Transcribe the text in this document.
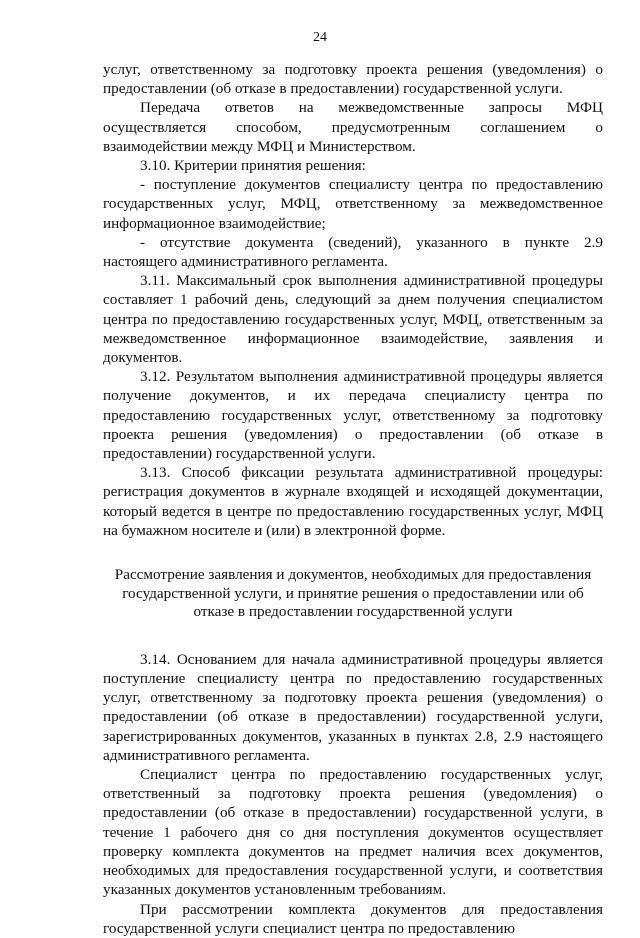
24

услуг, ответственному за подготовку проекта решения (уведомления) о предоставлении (об отказе в предоставлении) государственной услуги.

Передача ответов на межведомственные запросы МФЦ осуществляется способом, предусмотренным соглашением о взаимодействии между МФЦ и Министерством.

3.10. Критерии принятия решения:

- поступление документов специалисту центра по предоставлению государственных услуг, МФЦ, ответственному за межведомственное информационное взаимодействие;

- отсутствие документа (сведений), указанного в пункте 2.9 настоящего административного регламента.

3.11. Максимальный срок выполнения административной процедуры составляет 1 рабочий день, следующий за днем получения специалистом центра по предоставлению государственных услуг, МФЦ, ответственным за межведомственное информационное взаимодействие, заявления и документов.

3.12. Результатом выполнения административной процедуры является получение документов, и их передача специалисту центра по предоставлению государственных услуг, ответственному за подготовку проекта решения (уведомления) о предоставлении (об отказе в предоставлении) государственной услуги.

3.13. Способ фиксации результата административной процедуры: регистрация документов в журнале входящей и исходящей документации, который ведется в центре по предоставлению государственных услуг, МФЦ на бумажном носителе и (или) в электронной форме.

Рассмотрение заявления и документов, необходимых для предоставления государственной услуги, и принятие решения о предоставлении или об отказе в предоставлении государственной услуги

3.14. Основанием для начала административной процедуры является поступление специалисту центра по предоставлению государственных услуг, ответственному за подготовку проекта решения (уведомления) о предоставлении (об отказе в предоставлении) государственной услуги, зарегистрированных документов, указанных в пунктах 2.8, 2.9 настоящего административного регламента.

Специалист центра по предоставлению государственных услуг, ответственный за подготовку проекта решения (уведомления) о предоставлении (об отказе в предоставлении) государственной услуги, в течение 1 рабочего дня со дня поступления документов осуществляет проверку комплекта документов на предмет наличия всех документов, необходимых для предоставления государственной услуги, и соответствия указанных документов установленным требованиям.

При рассмотрении комплекта документов для предоставления государственной услуги специалист центра по предоставлению
